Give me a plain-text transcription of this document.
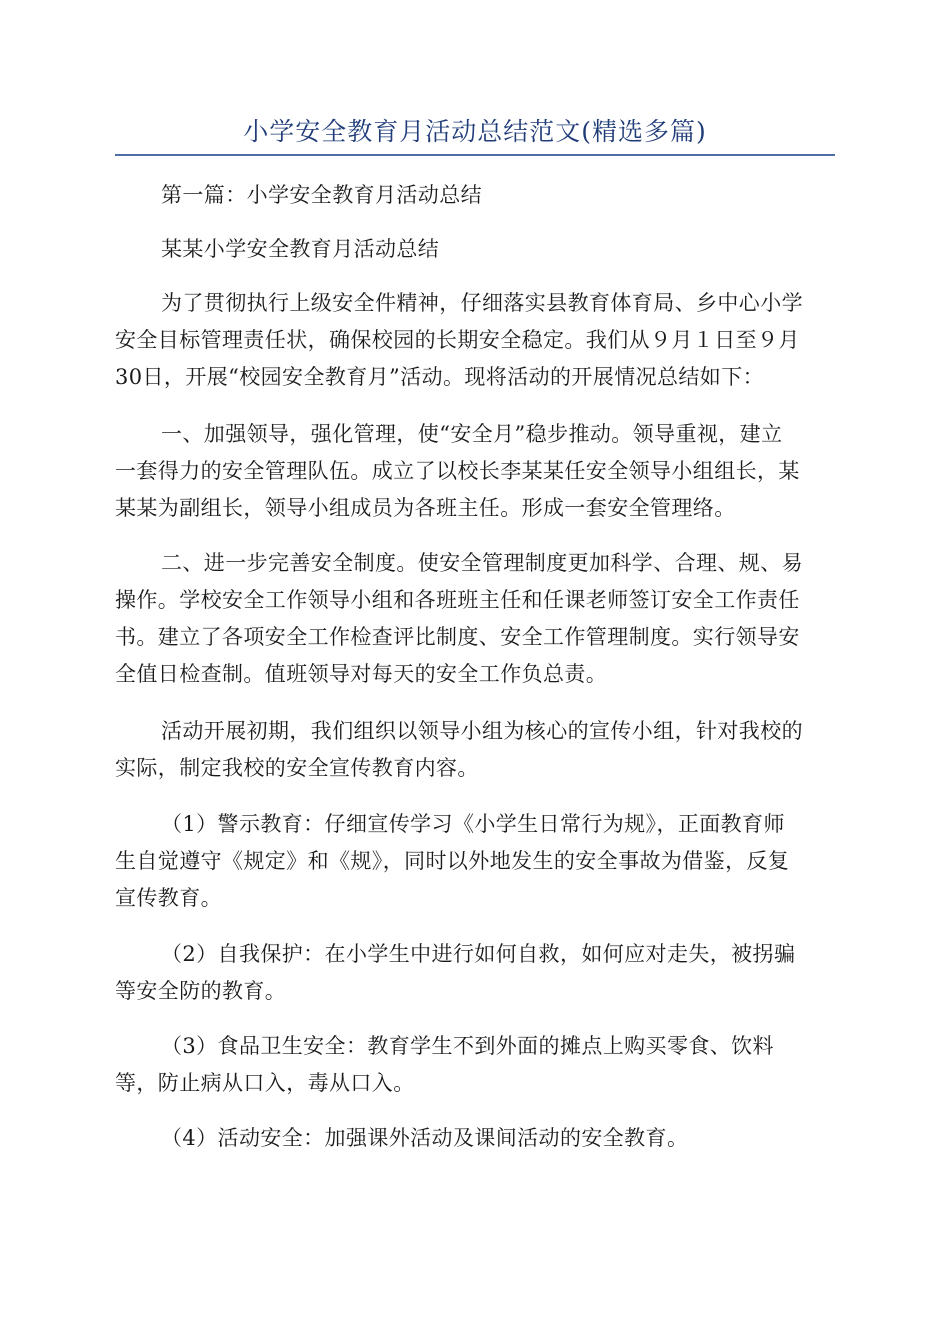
小学安全教育月活动总结范文(精选多篇)
第一篇：小学安全教育月活动总结
某某小学安全教育月活动总结
为了贯彻执行上级安全件精神，仔细落实县教育体育局、乡中心小学
安全目标管理责任状，确保校园的长期安全稳定。我们从９月１日至９月
30日，开展“校园安全教育月”活动。现将活动的开展情况总结如下：
一、加强领导，强化管理，使“安全月”稳步推动。领导重视，建立
一套得力的安全管理队伍。成立了以校长李某某任安全领导小组组长，某
某某为副组长，领导小组成员为各班主任。形成一套安全管理络。
二、进一步完善安全制度。使安全管理制度更加科学、合理、规、易
操作。学校安全工作领导小组和各班班主任和任课老师签订安全工作责任
书。建立了各项安全工作检查评比制度、安全工作管理制度。实行领导安
全值日检查制。值班领导对每天的安全工作负总责。
活动开展初期，我们组织以领导小组为核心的宣传小组，针对我校的
实际，制定我校的安全宣传教育内容。
（1）警示教育：仔细宣传学习《小学生日常行为规》，正面教育师
生自觉遵守《规定》和《规》，同时以外地发生的安全事故为借鉴，反复
宣传教育。
（2）自我保护：在小学生中进行如何自救，如何应对走失，被拐骗
等安全防的教育。
（3）食品卫生安全：教育学生不到外面的摊点上购买零食、饮料
等，防止病从口入，毒从口入。
（4）活动安全：加强课外活动及课间活动的安全教育。
